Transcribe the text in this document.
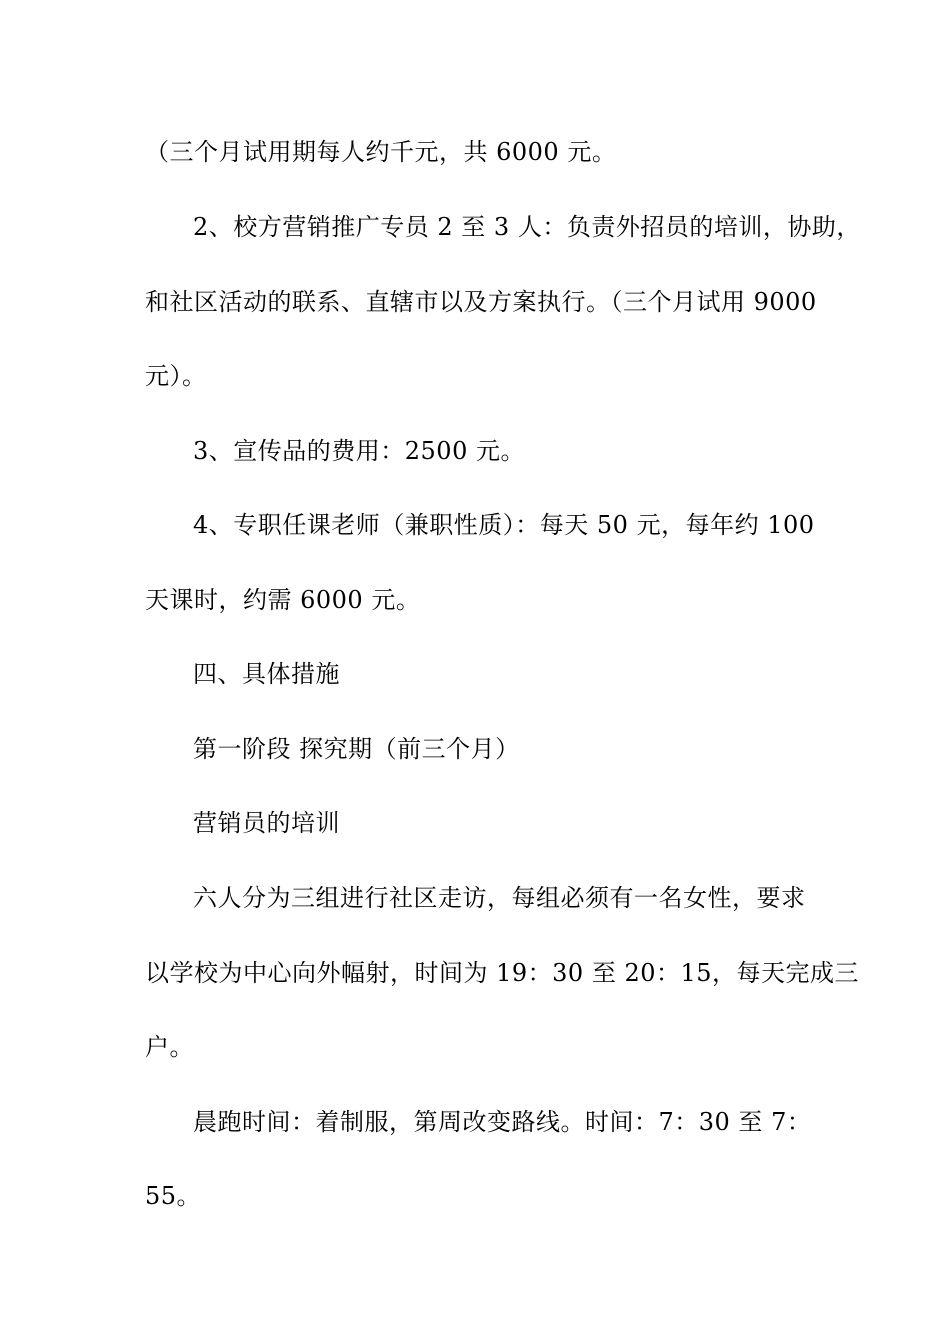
（三个月试用期每人约千元，共 6000 元。
2、校方营销推广专员 2 至 3 人：负责外招员的培训，协助，
和社区活动的联系、直辖市以及方案执行。（三个月试用 9000
元）。
3、宣传品的费用：2500 元。
4、专职任课老师（兼职性质）：每天 50 元，每年约 100
天课时，约需 6000 元。
四、具体措施
第一阶段 探究期（前三个月）
营销员的培训
六人分为三组进行社区走访，每组必须有一名女性，要求
以学校为中心向外幅射，时间为 19：30 至 20：15，每天完成三
户。
晨跑时间：着制服，第周改变路线。时间：7：30 至 7：
55。
